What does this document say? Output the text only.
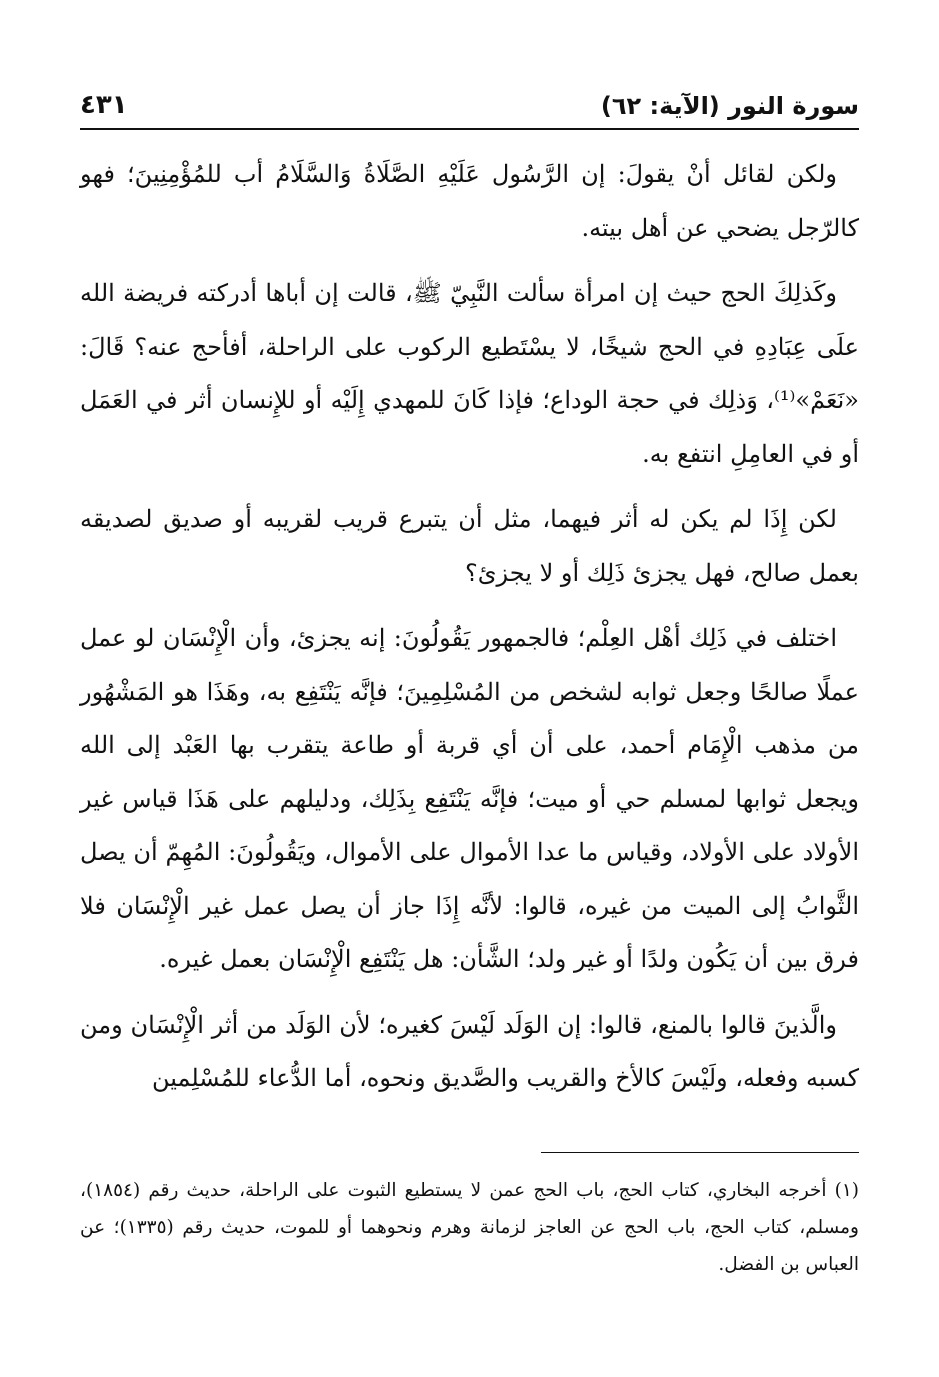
سورة النور (الآية: ٦٢)
٤٣١

ولكن لقائل أنْ يقولَ: إن الرَّسُول عَلَيْهِ الصَّلَاةُ وَالسَّلَامُ أب للمُؤْمِنِينَ؛ فهو كالرّجل يضحي عن أهل بيته.

وكَذلِكَ الحج حيث إن امرأة سألت النَّبِيّ ﷺ، قالت إن أباها أدركته فريضة الله علَى عِبَادِهِ في الحج شيخًا، لا يسْتَطيع الركوب على الراحلة، أفأحج عنه؟ قَالَ: «نَعَمْ»⁽¹⁾، وَذلِك في حجة الوداع؛ فإذا كَانَ للمهدي إِلَيْه أو للإِنسان أثر في العَمَل أو في العامِلِ انتفع به.

لكن إِذَا لم يكن له أثر فيهما، مثل أن يتبرع قريب لقريبه أو صديق لصديقه بعمل صالح، فهل يجزئ ذَلِك أو لا يجزئ؟

اختلف في ذَلِك أهْل العِلْم؛ فالجمهور يَقُولُونَ: إنه يجزئ، وأن الْإِنْسَان لو عمل عملًا صالحًا وجعل ثوابه لشخص من المُسْلِمِينَ؛ فإنَّه يَنْتَفِع به، وهَذَا هو المَشْهُور من مذهب الْإِمَام أحمد، على أن أي قربة أو طاعة يتقرب بها العَبْد إلى الله ويجعل ثوابها لمسلم حي أو ميت؛ فإنَّه يَنْتَفِع بِذَلِك، ودليلهم على هَذَا قياس غير الأولاد على الأولاد، وقياس ما عدا الأموال على الأموال، ويَقُولُونَ: المُهِمّ أن يصل الثَّوابُ إلى الميت من غيره، قالوا: لأنَّه إِذَا جاز أن يصل عمل غير الْإِنْسَان فلا فرق بين أن يَكُون ولدًا أو غير ولد؛ الشَّأن: هل يَنْتَفِع الْإِنْسَان بعمل غيره.

والَّذينَ قالوا بالمنع، قالوا: إن الوَلَد لَيْسَ كغيره؛ لأن الوَلَد من أثر الْإِنْسَان ومن كسبه وفعله، ولَيْسَ كالأخ والقريب والصَّديق ونحوه، أما الدُّعاء للمُسْلِمين

(١) أخرجه البخاري، كتاب الحج، باب الحج عمن لا يستطيع الثبوت على الراحلة، حديث رقم (١٨٥٤)، ومسلم، كتاب الحج، باب الحج عن العاجز لزمانة وهرم ونحوهما أو للموت، حديث رقم (١٣٣٥)؛ عن العباس بن الفضل.
